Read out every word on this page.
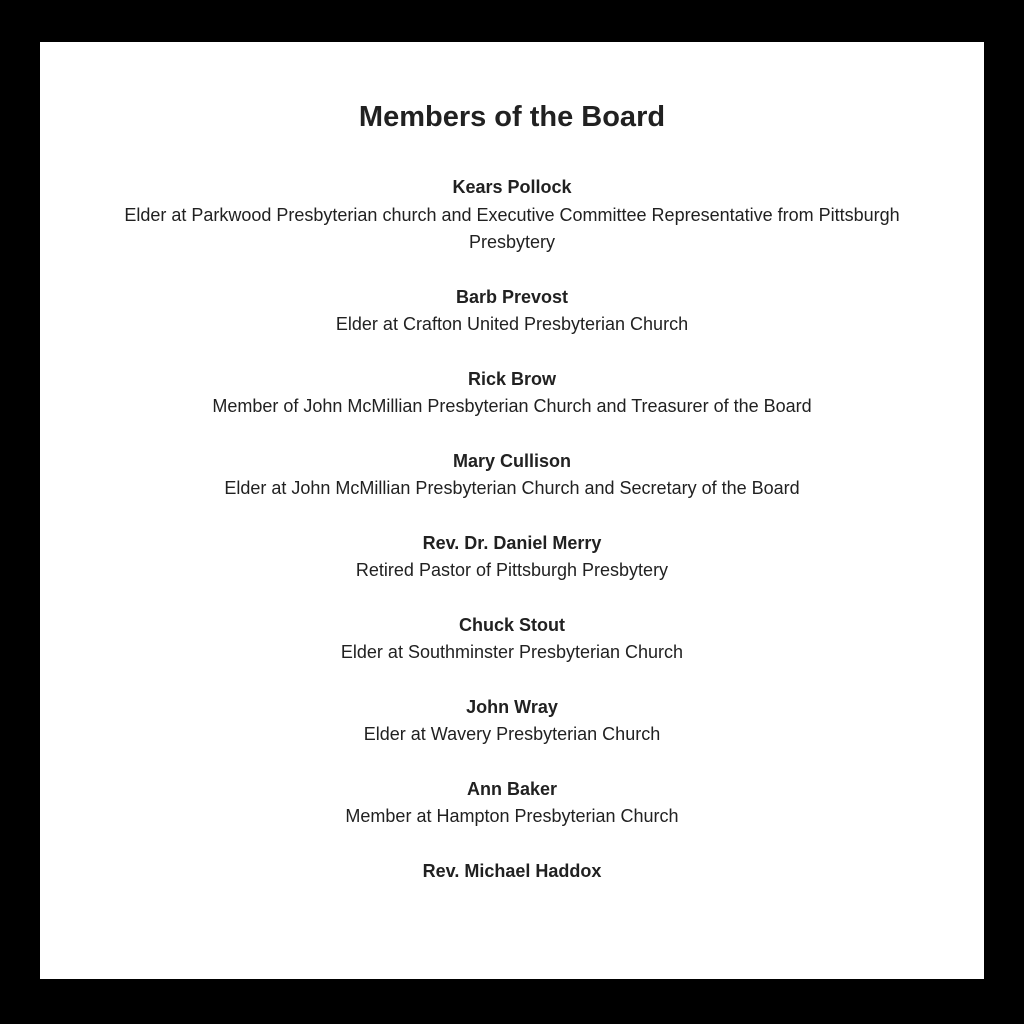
Members of the Board
Kears Pollock
Elder at Parkwood Presbyterian church and Executive Committee Representative from Pittsburgh Presbytery
Barb Prevost
Elder at Crafton United Presbyterian Church
Rick Brow
Member of John McMillian Presbyterian Church and Treasurer of the Board
Mary Cullison
Elder at John McMillian Presbyterian Church and Secretary of the Board
Rev. Dr. Daniel Merry
Retired Pastor of Pittsburgh Presbytery
Chuck Stout
Elder at Southminster Presbyterian Church
John Wray
Elder at Wavery Presbyterian Church
Ann Baker
Member at Hampton Presbyterian Church
Rev. Michael Haddox
